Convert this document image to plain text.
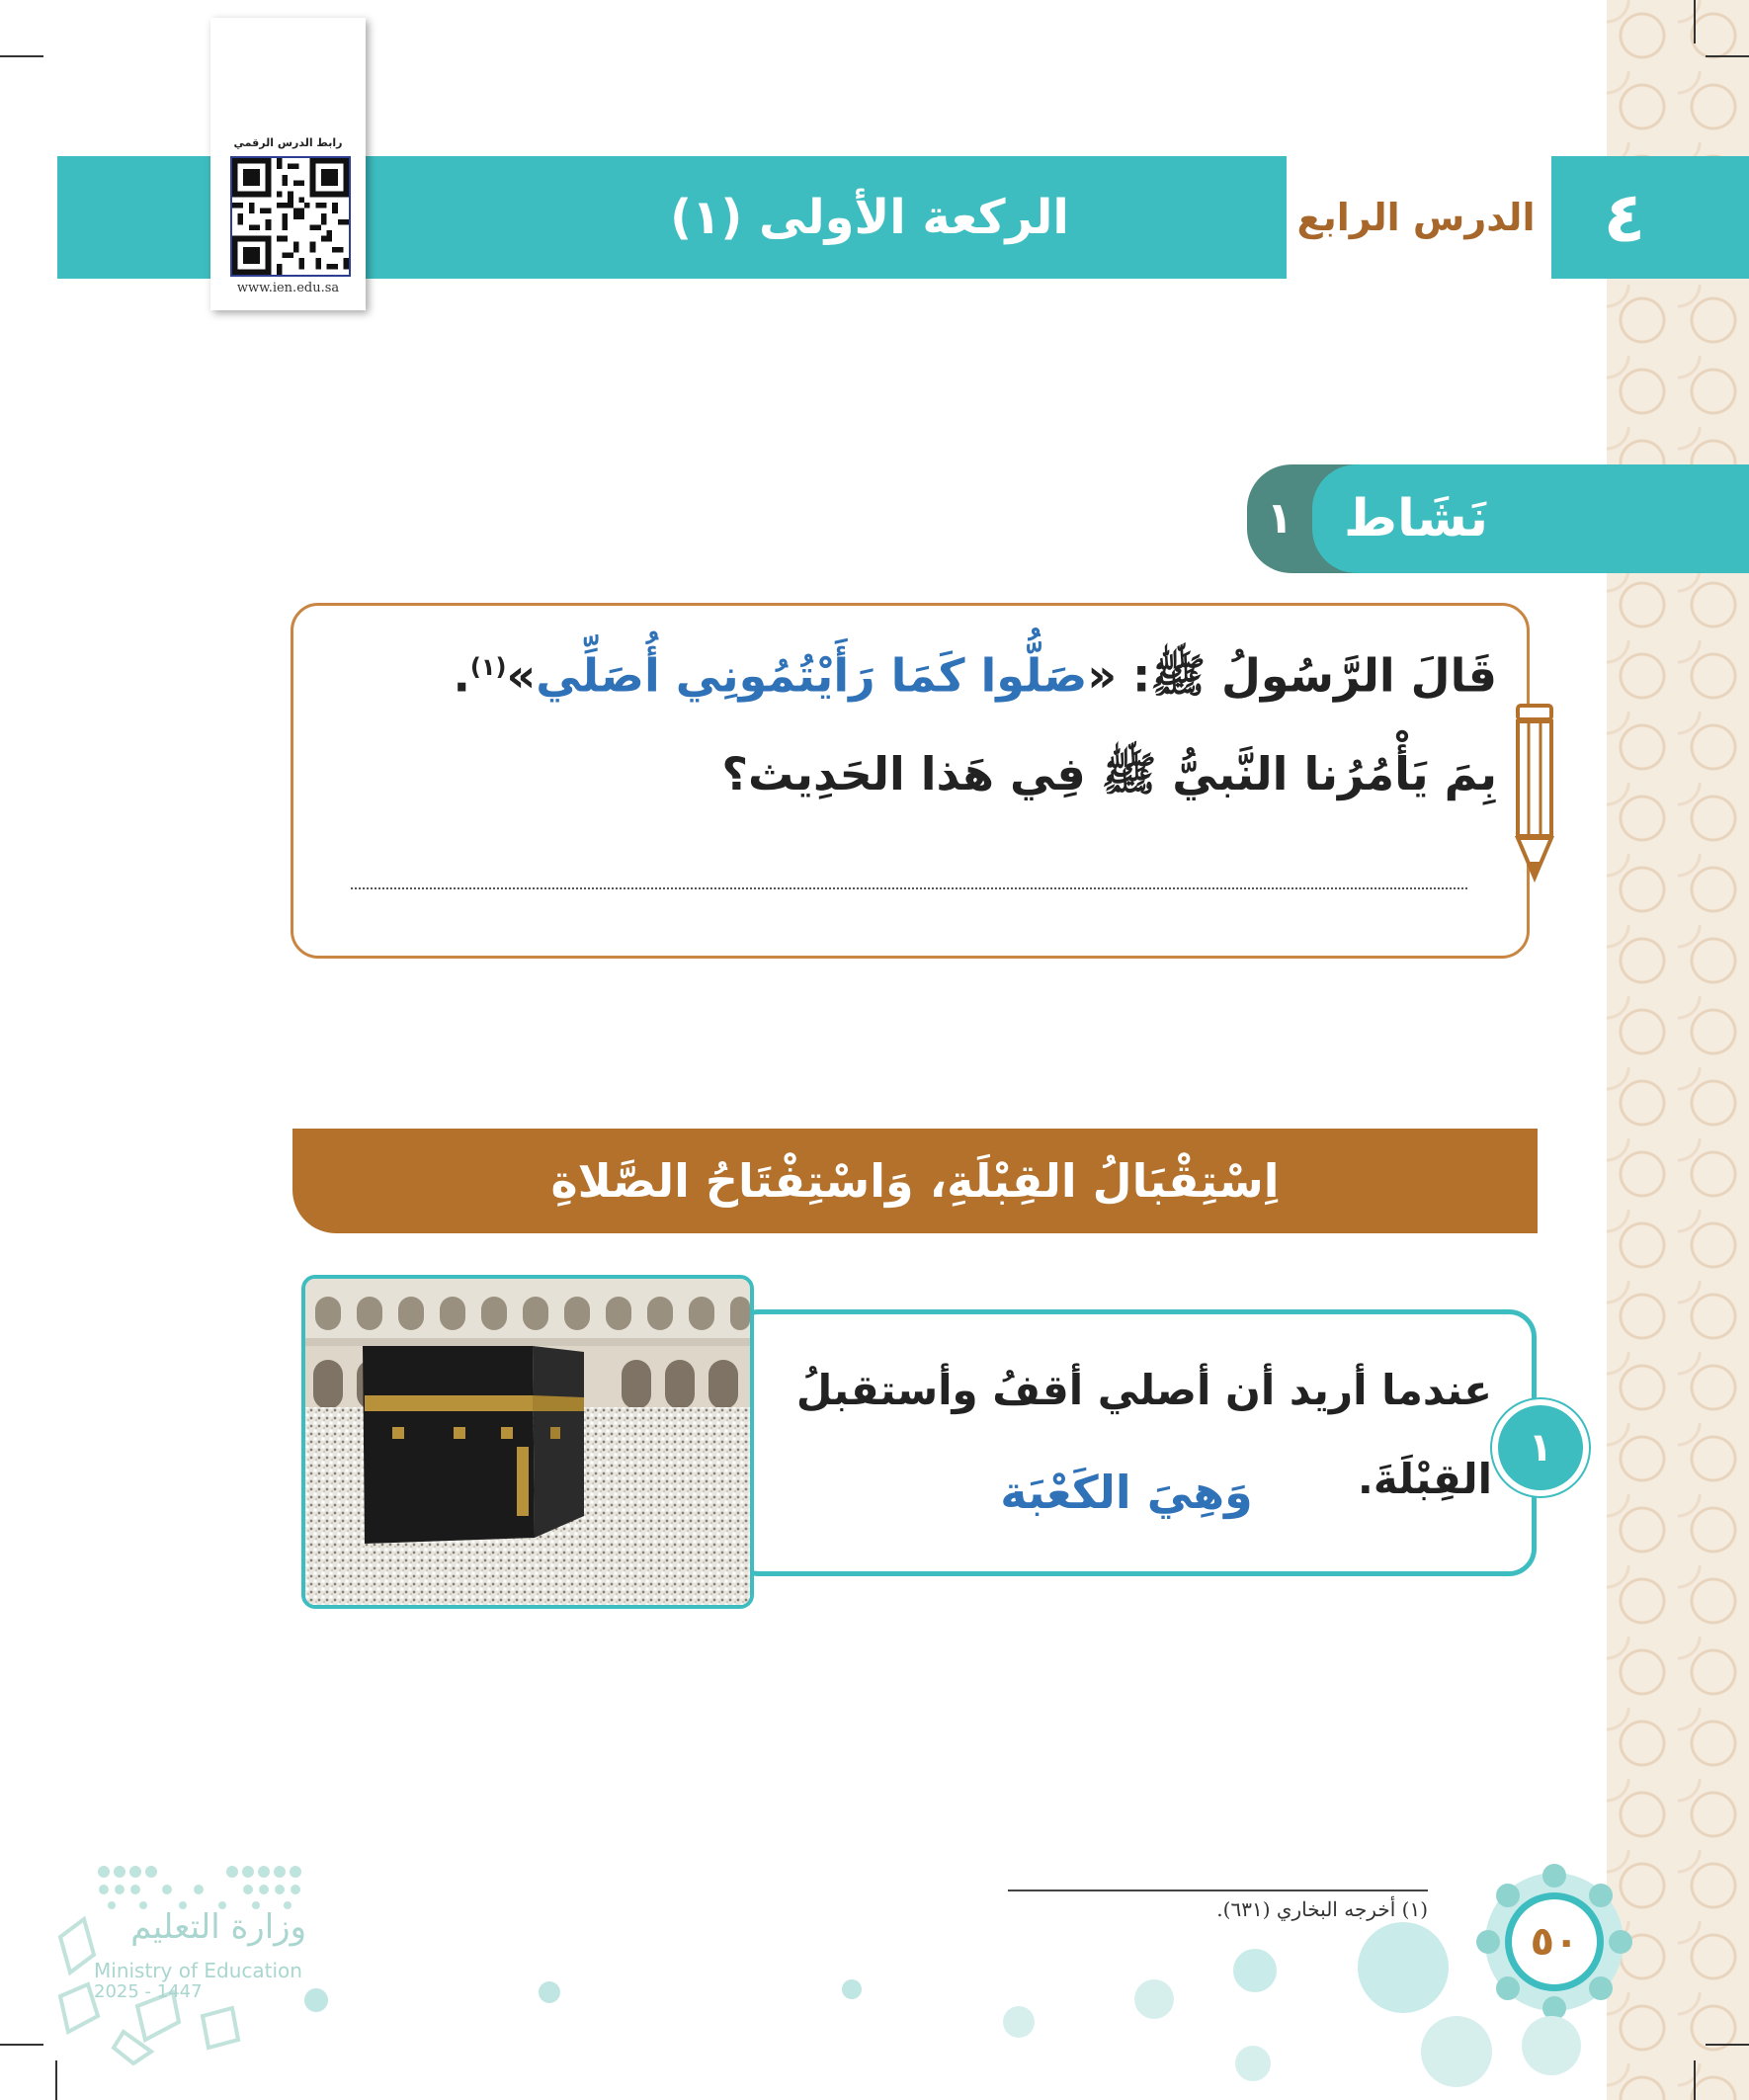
الركعة الأولى (١)	الدرس الرابع ٤
رابط الدرس الرقمي
www.ien.edu.sa
نَشَاط
١
قَالَ الرَّسُولُ ﷺ: «صَلُّوا كَمَا رَأَيْتُمُونِي أُصَلِّي»$^{(١)}$.
بِمَ يَأْمُرُنا النَّبيُّ ﷺ فِي هَذا الحَدِيث؟
اِسْتِقْبَالُ القِبْلَةِ، وَاسْتِفْتَاحُ الصَّلاةِ
عندما أريد أن أصلي أقفُ وأستقبلُ القِبْلَةَ.
وَهِيَ الكَعْبَة
١
(١) أخرجه البخاري (٦٣١).
٥٠
وزارة التعليم
Ministry of Education
2025 - 1447
